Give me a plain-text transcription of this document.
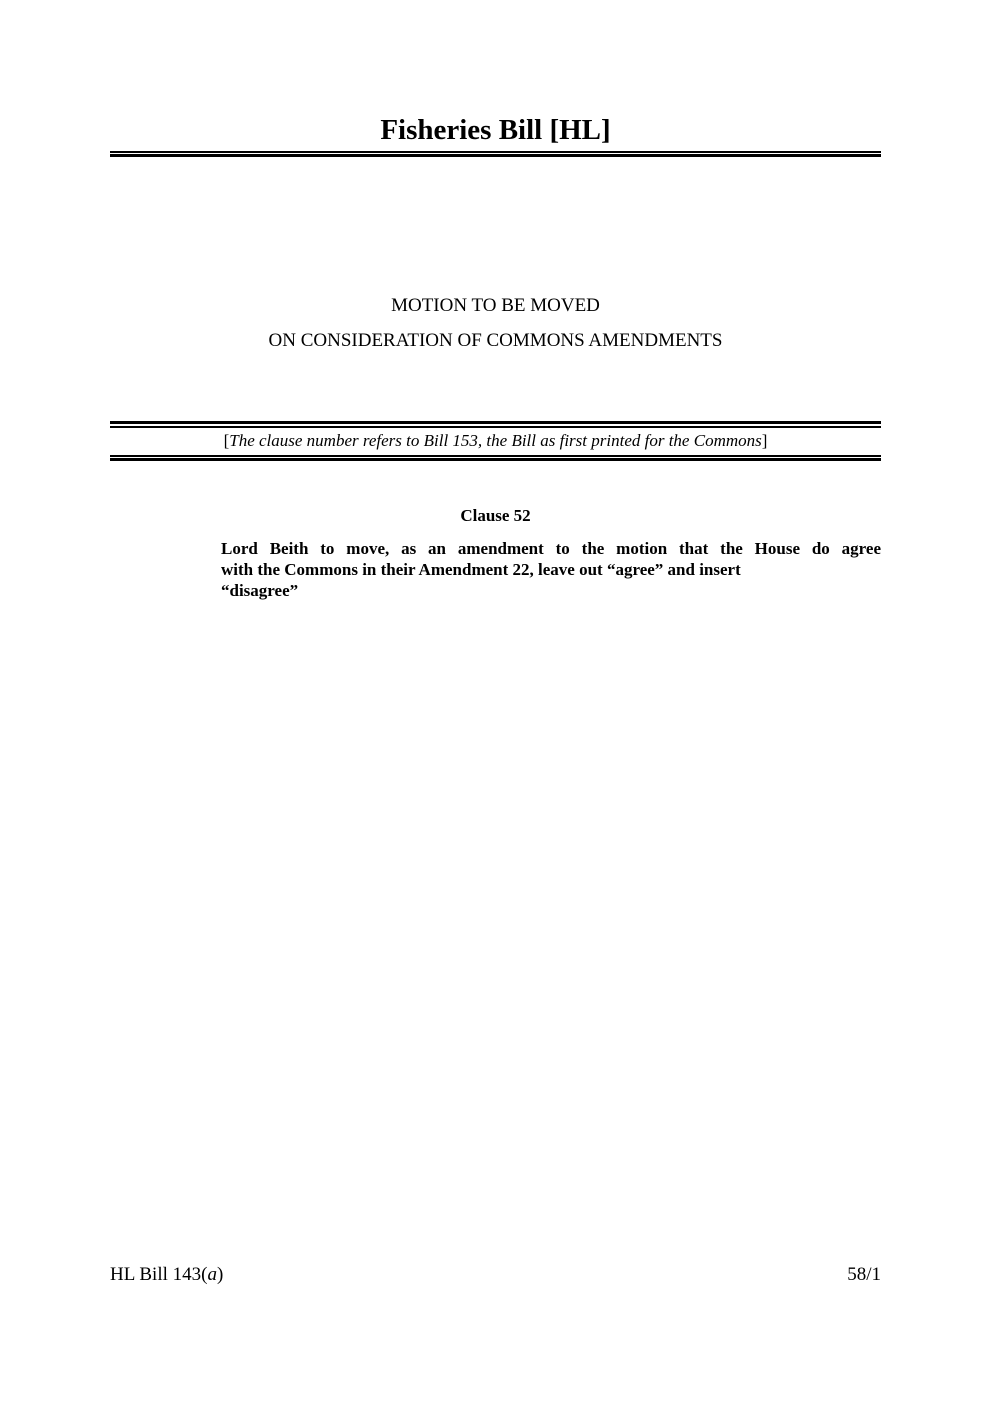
Fisheries Bill [HL]
MOTION TO BE MOVED
ON CONSIDERATION OF COMMONS AMENDMENTS
[The clause number refers to Bill 153, the Bill as first printed for the Commons]
Clause 52
Lord Beith to move, as an amendment to the motion that the House do agree
with the Commons in their Amendment 22, leave out “agree” and insert
“disagree”
HL Bill 143(a)	58/1
